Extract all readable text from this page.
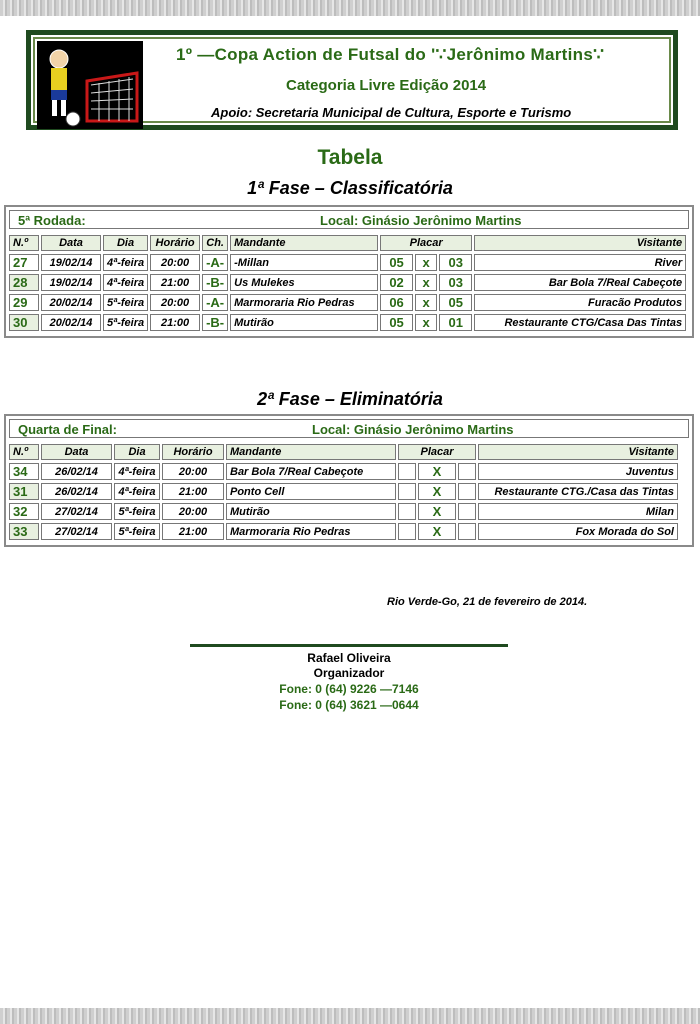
1º —Copa Action de Futsal do '∵Jerônimo Martins∵
Categoria Livre Edição 2014
Apoio: Secretaria Municipal de Cultura, Esporte e Turismo
Tabela
1ª Fase – Classificatória
5ª Rodada:	Local: Ginásio Jerônimo Martins
N.º	Data	Dia	Horário	Ch.	Mandante	Placar			Visitante
27	19/02/14	4ª-feira	20:00	-A-	-Millan	05	x	03	River
28	19/02/14	4ª-feira	21:00	-B-	Us Mulekes	02	x	03	Bar Bola 7/Real Cabeçote
29	20/02/14	5ª-feira	20:00	-A-	Marmoraria Rio Pedras	06	x	05	Furacão Produtos
30	20/02/14	5ª-feira	21:00	-B-	Mutirão	05	x	01	Restaurante CTG/Casa Das Tintas
2ª Fase – Eliminatória
Quarta de Final:	Local: Ginásio Jerônimo Martins
N.º	Data	Dia	Horário	Mandante	Placar			Visitante
34	26/02/14	4ª-feira	20:00	Bar Bola 7/Real Cabeçote		X		Juventus
31	26/02/14	4ª-feira	21:00	Ponto Cell		X		Restaurante CTG./Casa das Tintas
32	27/02/14	5ª-feira	20:00	Mutirão		X		Milan
33	27/02/14	5ª-feira	21:00	Marmoraria Rio Pedras		X		Fox Morada do Sol
Rio Verde-Go, 21 de fevereiro de 2014.
Rafael Oliveira
Organizador
Fone: 0 (64) 9226 —7146
Fone: 0 (64) 3621 —0644
